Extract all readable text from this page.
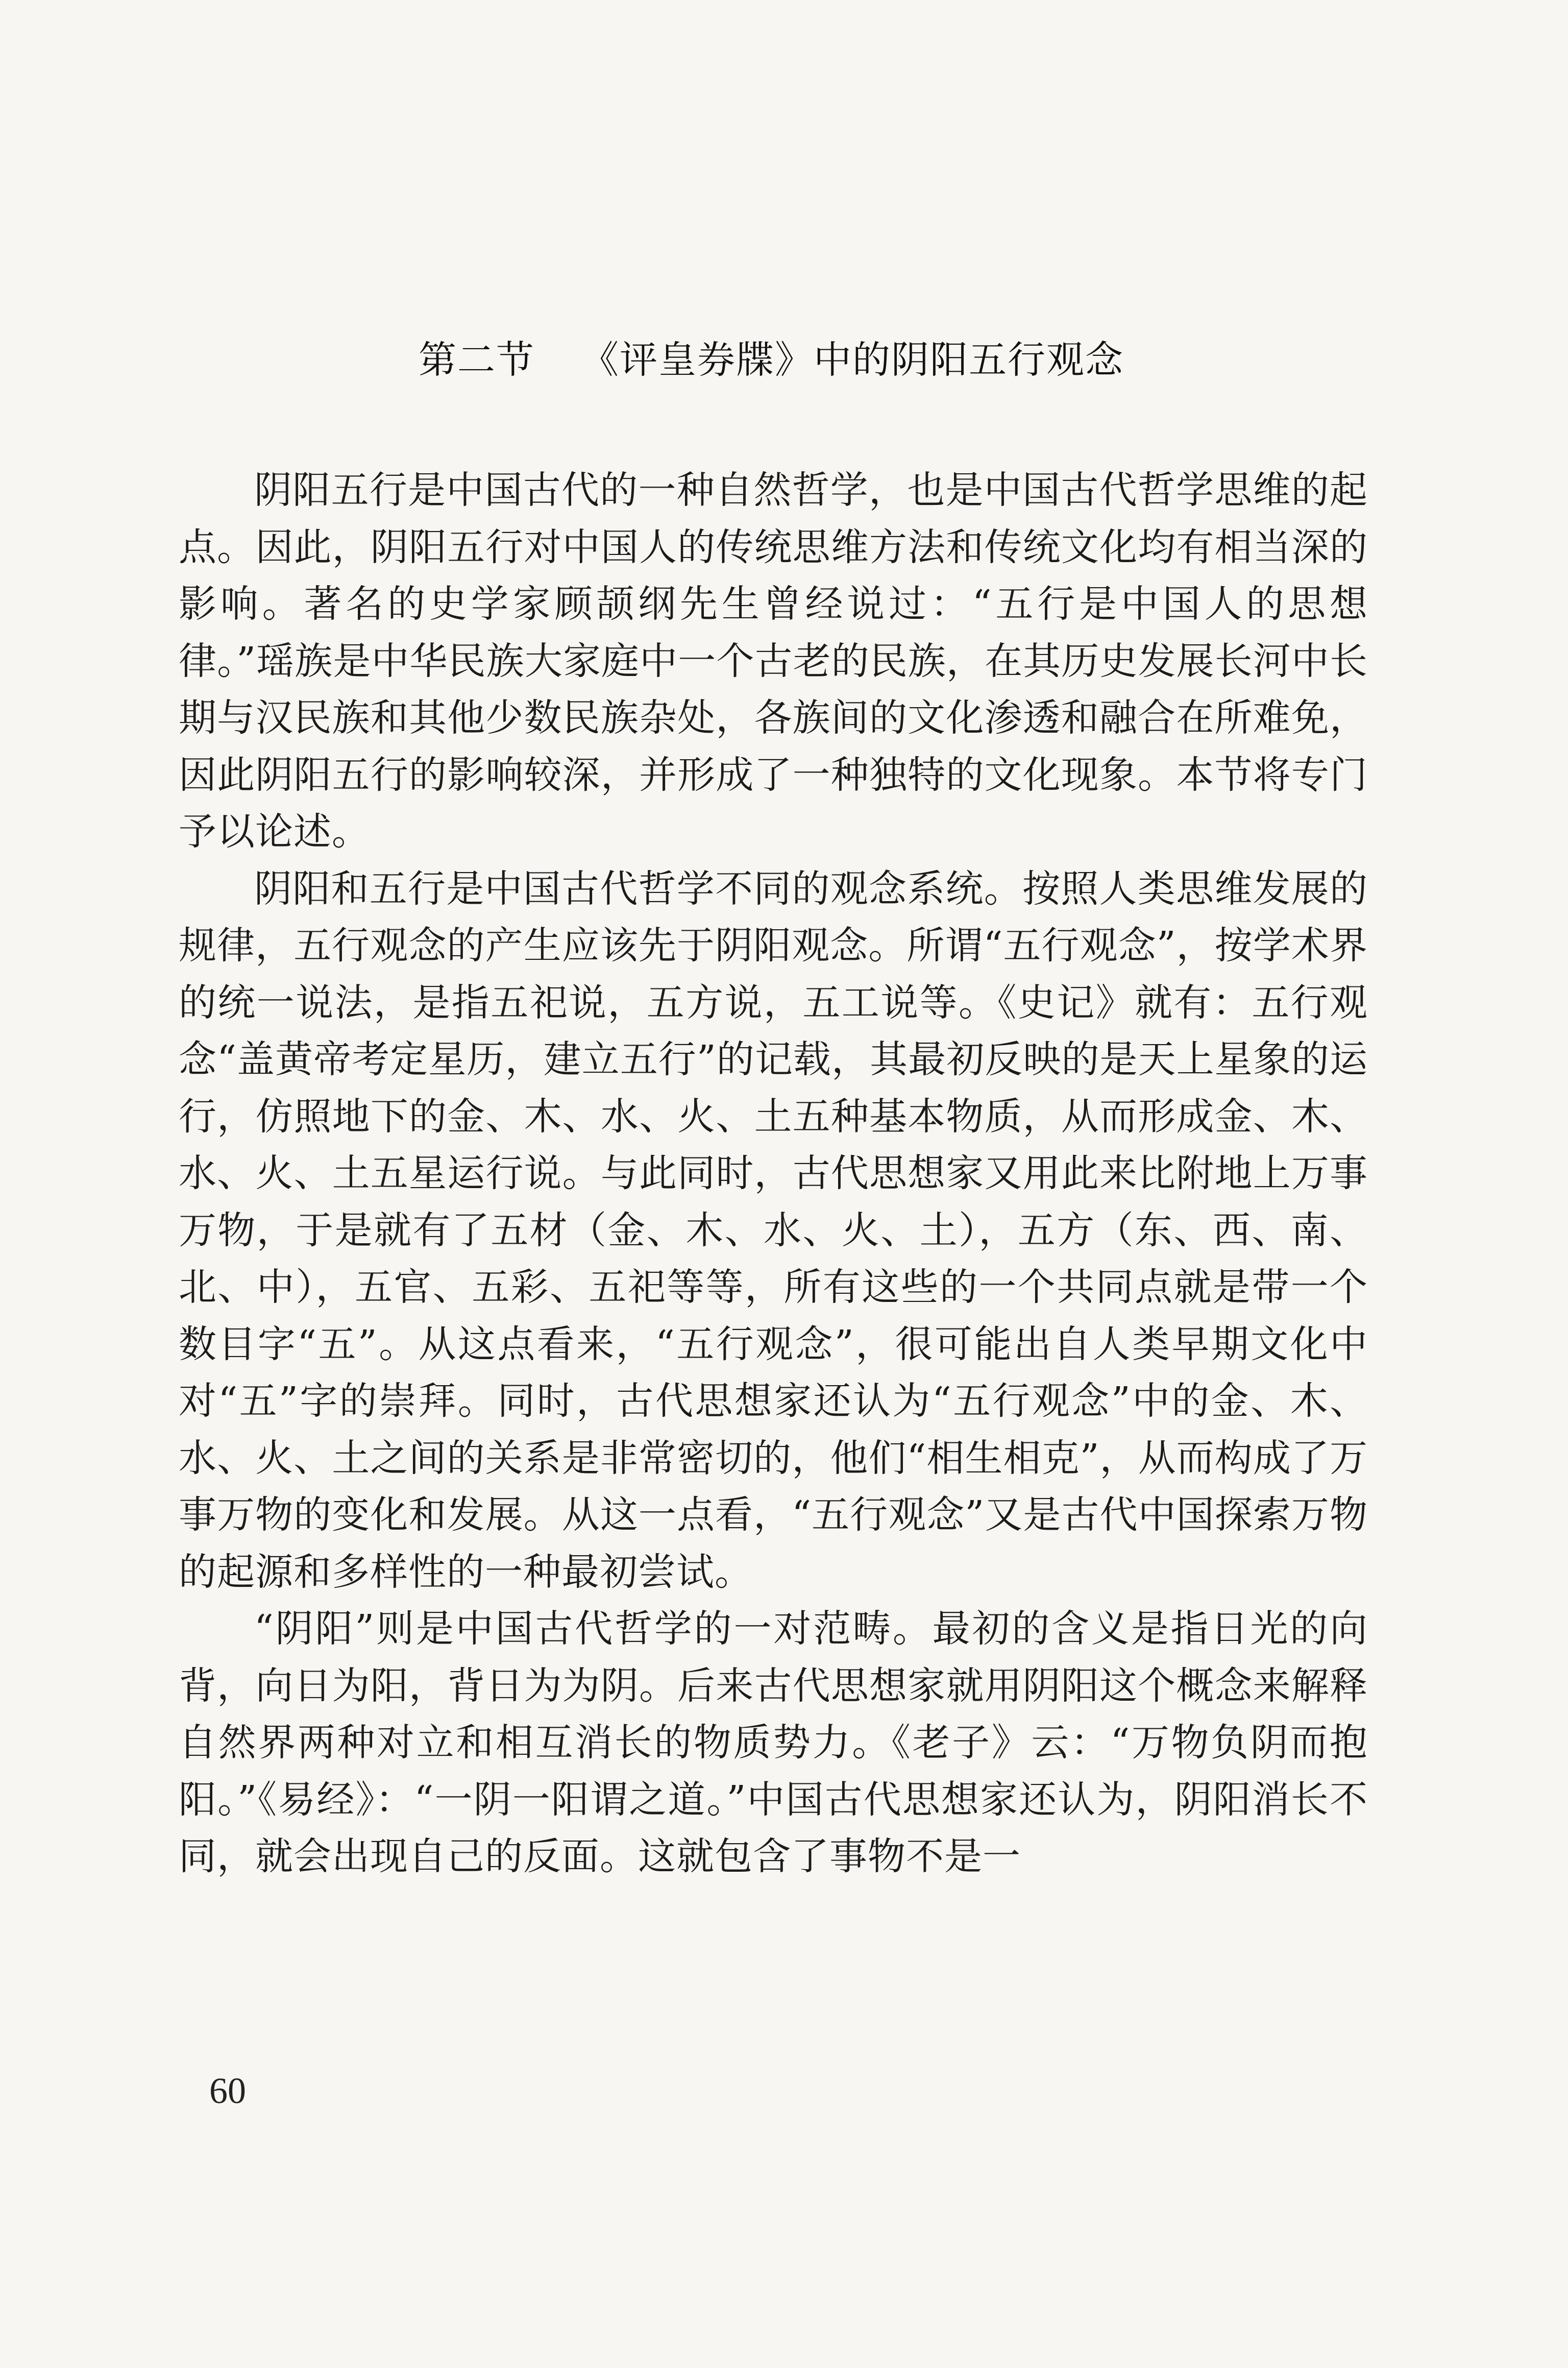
第二节 《评皇券牒》中的阴阳五行观念

阴阳五行是中国古代的一种自然哲学，也是中国古代哲学思维的起点。因此，阴阳五行对中国人的传统思维方法和传统文化均有相当深的影响。著名的史学家顾颉纲先生曾经说过：“五行是中国人的思想律。”瑶族是中华民族大家庭中一个古老的民族，在其历史发展长河中长期与汉民族和其他少数民族杂处，各族间的文化渗透和融合在所难免，因此阴阳五行的影响较深，并形成了一种独特的文化现象。本节将专门予以论述。

阴阳和五行是中国古代哲学不同的观念系统。按照人类思维发展的规律，五行观念的产生应该先于阴阳观念。所谓“五行观念”，按学术界的统一说法，是指五祀说，五方说，五工说等。《史记》就有：五行观念“盖黄帝考定星历，建立五行”的记载，其最初反映的是天上星象的运行，仿照地下的金、木、水、火、土五种基本物质，从而形成金、木、水、火、土五星运行说。与此同时，古代思想家又用此来比附地上万事万物，于是就有了五材（金、木、水、火、土），五方（东、西、南、北、中），五官、五彩、五祀等等，所有这些的一个共同点就是带一个数目字“五”。从这点看来，“五行观念”，很可能出自人类早期文化中对“五”字的崇拜。同时，古代思想家还认为“五行观念”中的金、木、水、火、土之间的关系是非常密切的，他们“相生相克”，从而构成了万事万物的变化和发展。从这一点看，“五行观念”又是古代中国探索万物的起源和多样性的一种最初尝试。

“阴阳”则是中国古代哲学的一对范畴。最初的含义是指日光的向背，向日为阳，背日为为阴。后来古代思想家就用阴阳这个概念来解释自然界两种对立和相互消长的物质势力。《老子》云：“万物负阴而抱阳。”《易经》：“一阴一阳谓之道。”中国古代思想家还认为，阴阳消长不同，就会出现自己的反面。这就包含了事物不是一

60
